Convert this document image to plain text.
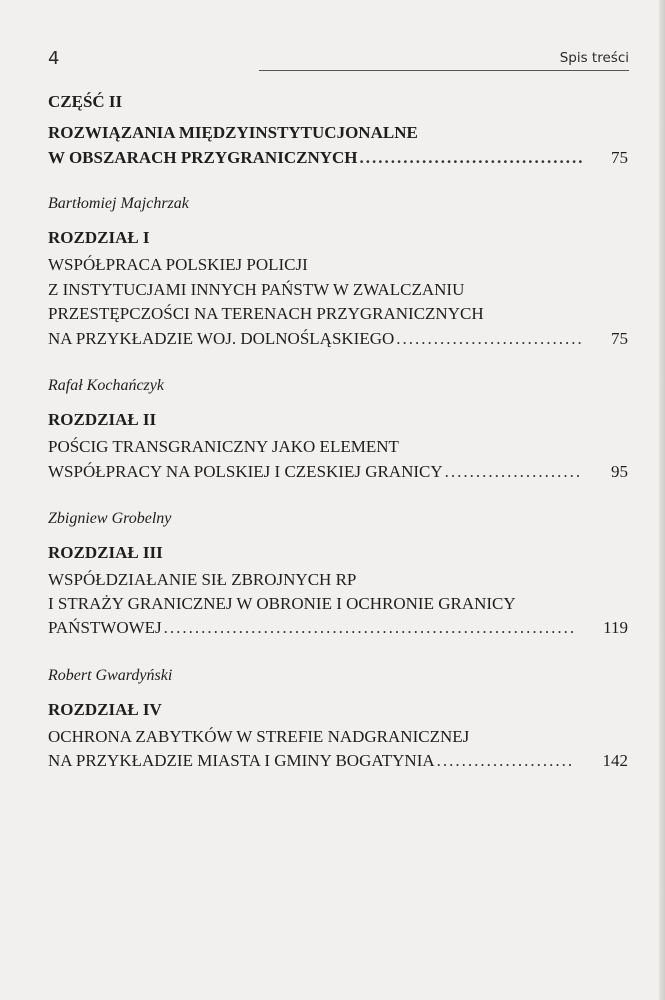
4	Spis treści
CZĘŚĆ II
ROZWIĄZANIA MIĘDZYINSTYTUCJONALNE
W OBSZARACH PRZYGRANICZNYCH .....	75
Bartłomiej Majchrzak
ROZDZIAŁ I
WSPÓŁPRACA POLSKIEJ POLICJI
Z INSTYTUCJAMI INNYCH PAŃSTW W ZWALCZANIU
PRZESTĘPCZOŚCI NA TERENACH PRZYGRANICZNYCH
NA PRZYKŁADZIE WOJ. DOLNOŚLĄSKIEGO .....	75
Rafał Kochańczyk
ROZDZIAŁ II
POŚCIG TRANSGRANICZNY JAKO ELEMENT
WSPÓŁPRACY NA POLSKIEJ I CZESKIEJ GRANICY .....	95
Zbigniew Grobelny
ROZDZIAŁ III
WSPÓŁDZIAŁANIE SIŁ ZBROJNYCH RP
I STRAŻY GRANICZNEJ W OBRONIE I OCHRONIE GRANICY
PAŃSTWOWEJ .....	119
Robert Gwardyński
ROZDZIAŁ IV
OCHRONA ZABYTKÓW W STREFIE NADGRANICZNEJ
NA PRZYKŁADZIE MIASTA I GMINY BOGATYNIA .....	142
